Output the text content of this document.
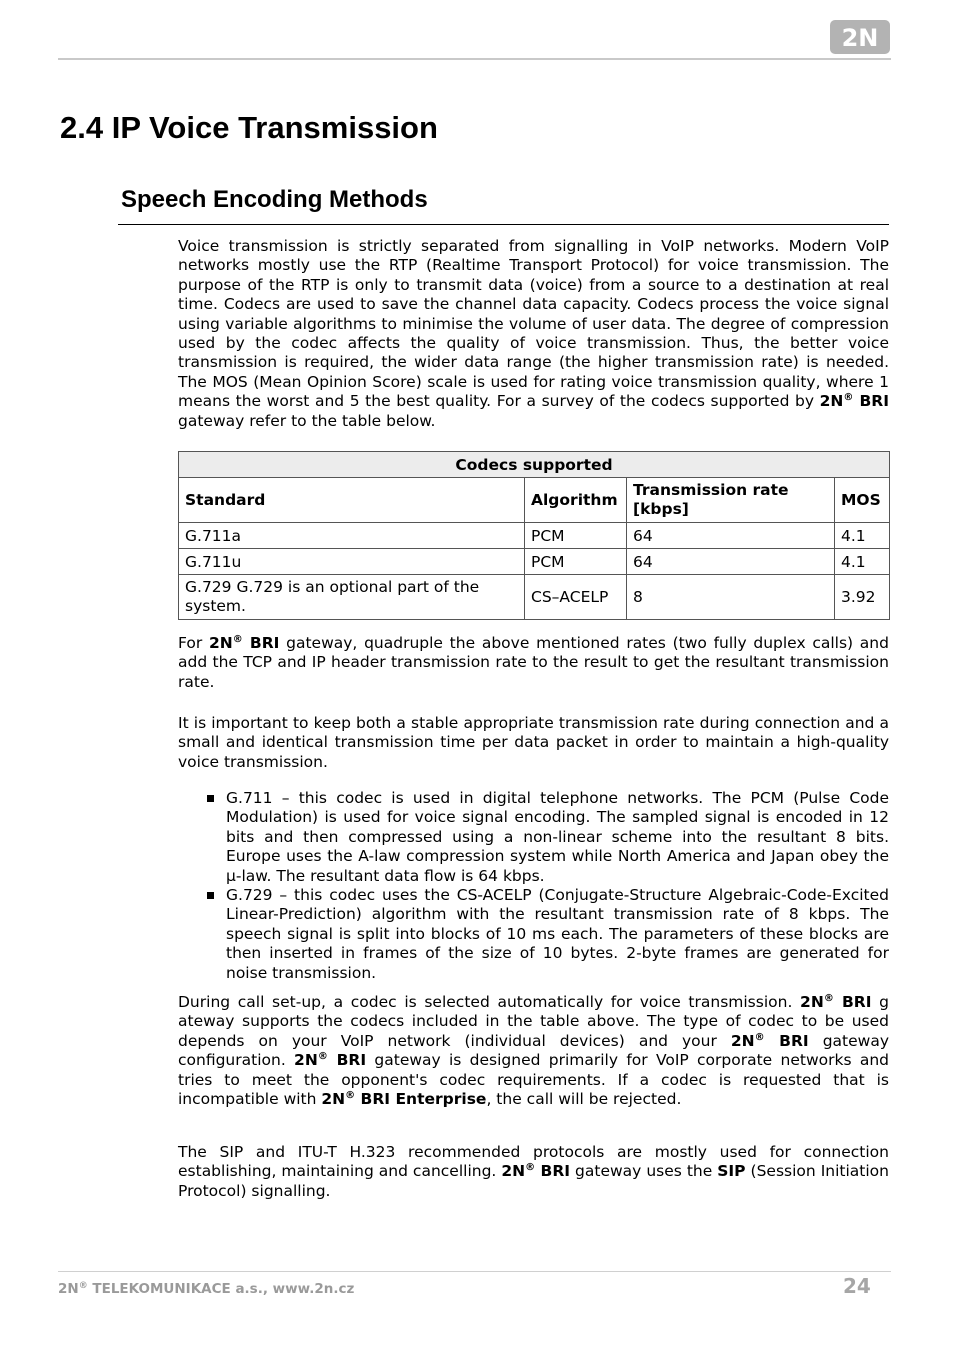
2N
2.4 IP Voice Transmission
Speech Encoding Methods

Voice transmission is strictly separated from signalling in VoIP networks. Modern VoIP networks mostly use the RTP (Realtime Transport Protocol) for voice transmission. The purpose of the RTP is only to transmit data (voice) from a source to a destination at real time. Codecs are used to save the channel data capacity. Codecs process the voice signal using variable algorithms to minimise the volume of user data. The degree of compression used by the codec affects the quality of voice transmission. Thus, the better voice transmission is required, the wider data range (the higher transmission rate) is needed. The MOS (Mean Opinion Score) scale is used for rating voice transmission quality, where 1 means the worst and 5 the best quality. For a survey of the codecs supported by 2N® BRI gateway refer to the table below.

Codecs supported			
Standard	Algorithm	Transmission rate [kbps]	MOS
G.711a	PCM	64	4.1
G.711u	PCM	64	4.1
G.729 G.729 is an optional part of the system.	CS–ACELP	8	3.92

For 2N® BRI gateway, quadruple the above mentioned rates (two fully duplex calls) and add the TCP and IP header transmission rate to the result to get the resultant transmission rate.

It is important to keep both a stable appropriate transmission rate during connection and a small and identical transmission time per data packet in order to maintain a high-quality voice transmission.

G.711 – this codec is used in digital telephone networks. The PCM (Pulse Code Modulation) is used for voice signal encoding. The sampled signal is encoded in 12 bits and then compressed using a non-linear scheme into the resultant 8 bits. Europe uses the A-law compression system while North America and Japan obey the μ-law. The resultant data flow is 64 kbps.
G.729 – this codec uses the CS-ACELP (Conjugate-Structure Algebraic-Code-Excited Linear-Prediction) algorithm with the resultant transmission rate of 8 kbps. The speech signal is split into blocks of 10 ms each. The parameters of these blocks are then inserted in frames of the size of 10 bytes. 2-byte frames are generated for noise transmission.

During call set-up, a codec is selected automatically for voice transmission. 2N® BRI g ateway supports the codecs included in the table above. The type of codec to be used depends on your VoIP network (individual devices) and your 2N® BRI gateway configuration. 2N® BRI gateway is designed primarily for VoIP corporate networks and tries to meet the opponent's codec requirements. If a codec is requested that is incompatible with 2N® BRI Enterprise, the call will be rejected.

The SIP and ITU-T H.323 recommended protocols are mostly used for connection establishing, maintaining and cancelling. 2N® BRI gateway uses the SIP (Session Initiation Protocol) signalling.

2N® TELEKOMUNIKACE a.s., www.2n.cz	24
